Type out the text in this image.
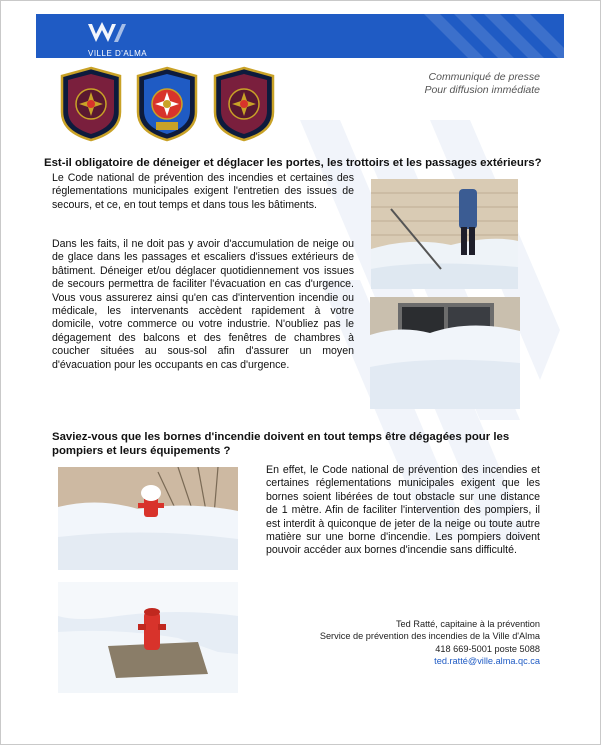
VILLE D'ALMA
Communiqué de presse
Pour diffusion immédiate
Est-il obligatoire de déneiger et déglacer les portes, les trottoirs et les passages extérieurs?
Le Code national de prévention des incendies et certaines des réglementations municipales exigent l'entretien des issues de secours, et ce, en tout temps et dans tous les bâtiments.
Dans les faits, il ne doit pas y avoir d'accumulation de neige ou de glace dans les passages et escaliers d'issues extérieurs de bâtiment. Déneiger et/ou déglacer quotidiennement vos issues de secours permettra de faciliter l'évacuation en cas d'urgence. Vous vous assurerez ainsi qu'en cas d'intervention incendie ou médicale, les intervenants accèdent rapidement à votre domicile, votre commerce ou votre industrie. N'oubliez pas le dégagement des balcons et des fenêtres de chambres à coucher situées au sous-sol afin d'assurer un moyen d'évacuation pour les occupants en cas d'urgence.
Saviez-vous que les bornes d'incendie doivent en tout temps être dégagées pour les pompiers et leurs équipements ?
En effet, le Code national de prévention des incendies et certaines réglementations municipales exigent que les bornes soient libérées de tout obstacle sur une distance de 1 mètre. Afin de faciliter l'intervention des pompiers, il est interdit à quiconque de jeter de la neige ou toute autre matière sur une borne d'incendie. Les pompiers doivent pouvoir accéder aux bornes d'incendie sans difficulté.
Ted Ratté, capitaine à la prévention
Service de prévention des incendies de la Ville d'Alma
418 669-5001 poste 5088
ted.ratté@ville.alma.qc.ca
